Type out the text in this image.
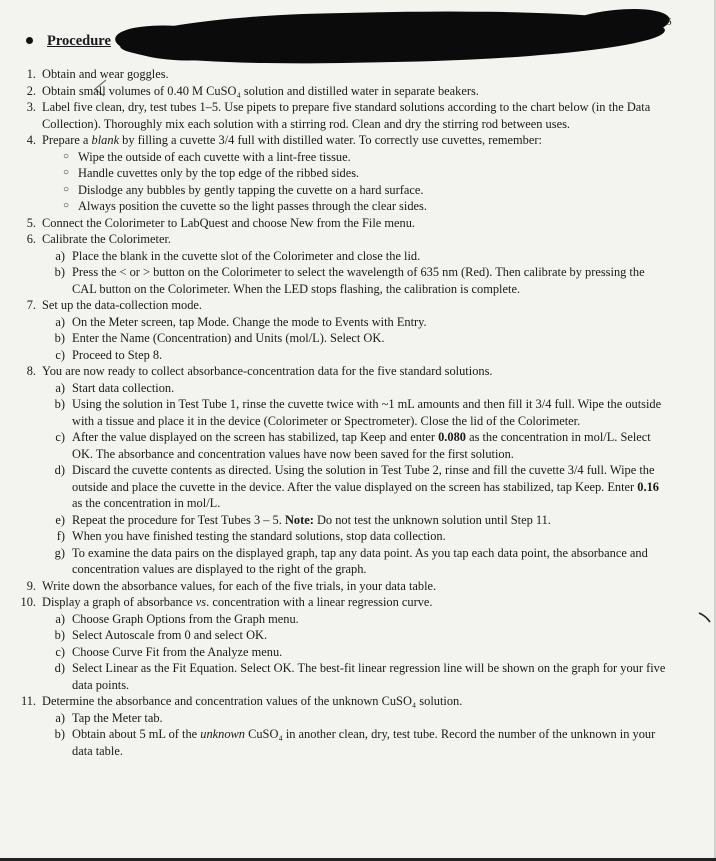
Procedure
6
1. Obtain and wear goggles.
2. Obtain small volumes of 0.40 M CuSO₄ solution and distilled water in separate beakers.
3. Label five clean, dry, test tubes 1–5. Use pipets to prepare five standard solutions according to the chart below (in the Data Collection). Thoroughly mix each solution with a stirring rod. Clean and dry the stirring rod between uses.
4. Prepare a blank by filling a cuvette 3/4 full with distilled water. To correctly use cuvettes, remember:
○ Wipe the outside of each cuvette with a lint-free tissue.
○ Handle cuvettes only by the top edge of the ribbed sides.
○ Dislodge any bubbles by gently tapping the cuvette on a hard surface.
○ Always position the cuvette so the light passes through the clear sides.
5. Connect the Colorimeter to LabQuest and choose New from the File menu.
6. Calibrate the Colorimeter.
a) Place the blank in the cuvette slot of the Colorimeter and close the lid.
b) Press the < or > button on the Colorimeter to select the wavelength of 635 nm (Red). Then calibrate by pressing the CAL button on the Colorimeter. When the LED stops flashing, the calibration is complete.
7. Set up the data-collection mode.
a) On the Meter screen, tap Mode. Change the mode to Events with Entry.
b) Enter the Name (Concentration) and Units (mol/L). Select OK.
c) Proceed to Step 8.
8. You are now ready to collect absorbance-concentration data for the five standard solutions.
a) Start data collection.
b) Using the solution in Test Tube 1, rinse the cuvette twice with ~1 mL amounts and then fill it 3/4 full. Wipe the outside with a tissue and place it in the device (Colorimeter or Spectrometer). Close the lid of the Colorimeter.
c) After the value displayed on the screen has stabilized, tap Keep and enter 0.080 as the concentration in mol/L. Select OK. The absorbance and concentration values have now been saved for the first solution.
d) Discard the cuvette contents as directed. Using the solution in Test Tube 2, rinse and fill the cuvette 3/4 full. Wipe the outside and place the cuvette in the device. After the value displayed on the screen has stabilized, tap Keep. Enter 0.16 as the concentration in mol/L.
e) Repeat the procedure for Test Tubes 3 – 5. Note: Do not test the unknown solution until Step 11.
f) When you have finished testing the standard solutions, stop data collection.
g) To examine the data pairs on the displayed graph, tap any data point. As you tap each data point, the absorbance and concentration values are displayed to the right of the graph.
9. Write down the absorbance values, for each of the five trials, in your data table.
10. Display a graph of absorbance vs. concentration with a linear regression curve.
a) Choose Graph Options from the Graph menu.
b) Select Autoscale from 0 and select OK.
c) Choose Curve Fit from the Analyze menu.
d) Select Linear as the Fit Equation. Select OK. The best-fit linear regression line will be shown on the graph for your five data points.
11. Determine the absorbance and concentration values of the unknown CuSO₄ solution.
a) Tap the Meter tab.
b) Obtain about 5 mL of the unknown CuSO₄ in another clean, dry, test tube. Record the number of the unknown in your data table.
